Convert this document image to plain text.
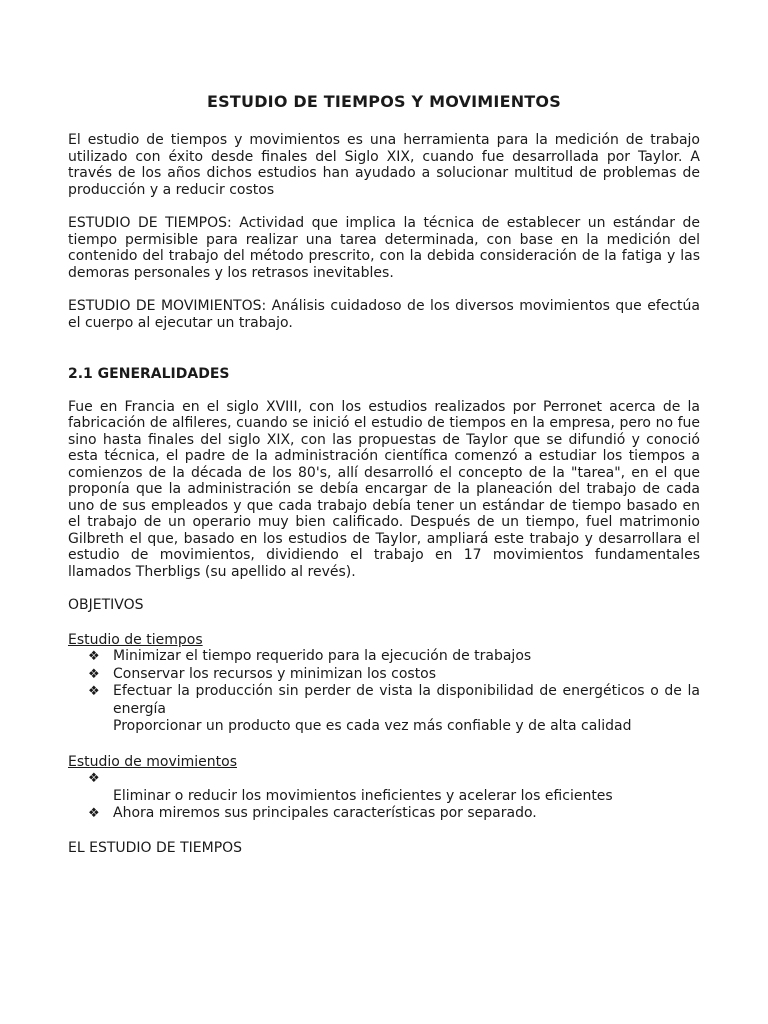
ESTUDIO DE TIEMPOS Y MOVIMIENTOS

El estudio de tiempos y movimientos es una herramienta para la medición de trabajo utilizado con éxito desde finales del Siglo XIX, cuando fue desarrollada por Taylor. A través de los años dichos estudios han ayudado a solucionar multitud de problemas de producción y a reducir costos

ESTUDIO DE TIEMPOS: Actividad que implica la técnica de establecer un estándar de tiempo permisible para realizar una tarea determinada, con base en la medición del contenido del trabajo del método prescrito, con la debida consideración de la fatiga y las demoras personales y los retrasos inevitables.

ESTUDIO DE MOVIMIENTOS: Análisis cuidadoso de los diversos movimientos que efectúa el cuerpo al ejecutar un trabajo.

2.1 GENERALIDADES

Fue en Francia en el siglo XVIII, con los estudios realizados por Perronet acerca de la fabricación de alfileres, cuando se inició el estudio de tiempos en la empresa, pero no fue sino hasta finales del siglo XIX, con las propuestas de Taylor que se difundió y conoció esta técnica, el padre de la administración científica comenzó a estudiar los tiempos a comienzos de la década de los 80's, allí desarrolló el concepto de la "tarea", en el que proponía que la administración se debía encargar de la planeación del trabajo de cada uno de sus empleados y que cada trabajo debía tener un estándar de tiempo basado en el trabajo de un operario muy bien calificado. Después de un tiempo, fuel matrimonio Gilbreth el que, basado en los estudios de Taylor, ampliará este trabajo y desarrollara el estudio de movimientos, dividiendo el trabajo en 17 movimientos fundamentales llamados Therbligs (su apellido al revés).

OBJETIVOS

Estudio de tiempos
❖ Minimizar el tiempo requerido para la ejecución de trabajos
❖ Conservar los recursos y minimizan los costos
❖ Efectuar la producción sin perder de vista la disponibilidad de energéticos o de la energía
Proporcionar un producto que es cada vez más confiable y de alta calidad
Estudio de movimientos
❖

Eliminar o reducir los movimientos ineficientes y acelerar los eficientes
❖ Ahora miremos sus principales características por separado.

EL ESTUDIO DE TIEMPOS
